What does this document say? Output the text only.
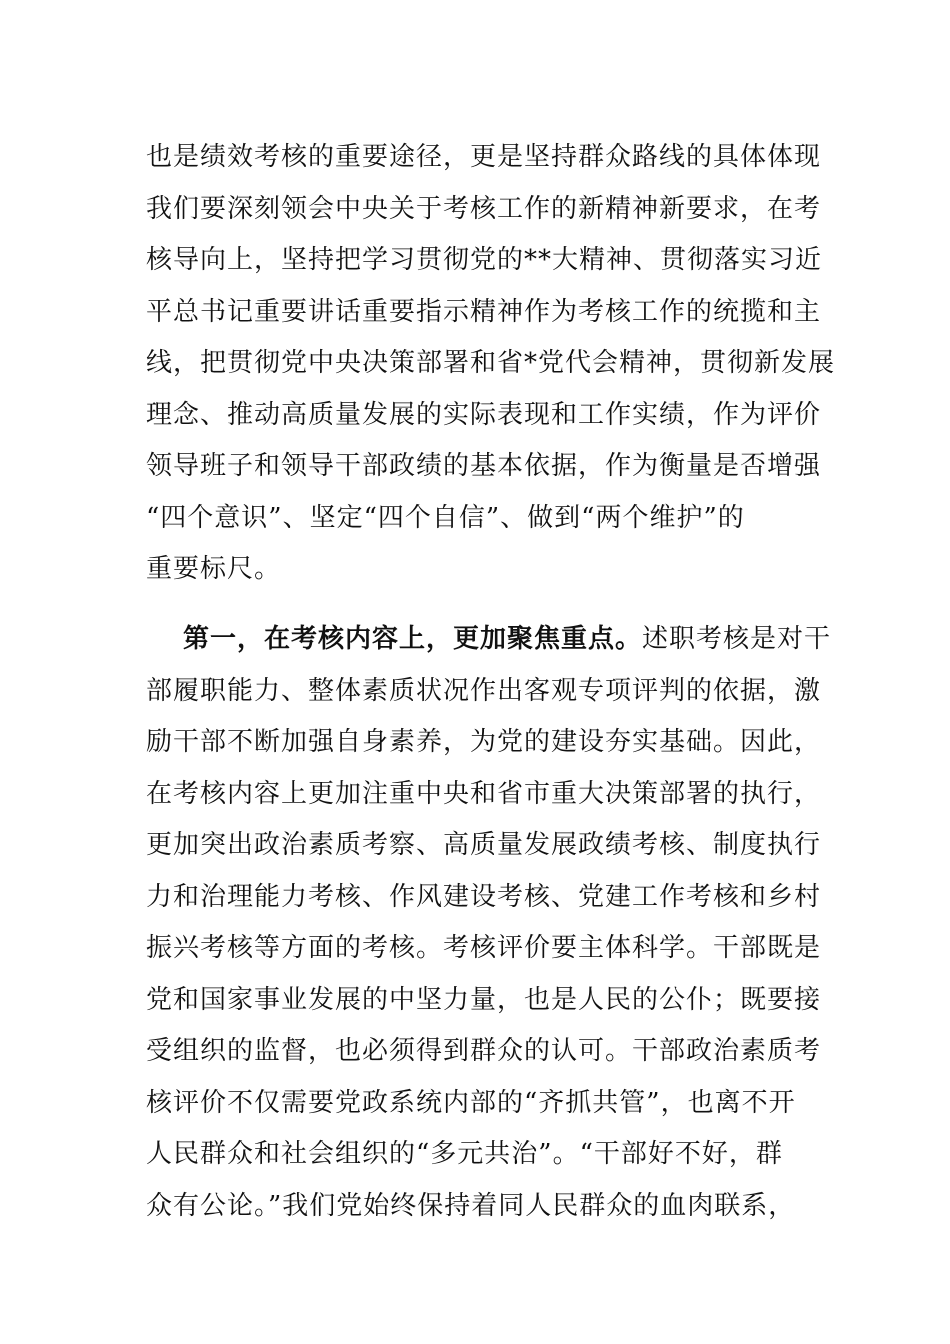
也是绩效考核的重要途径，更是坚持群众路线的具体体现
我们要深刻领会中央关于考核工作的新精神新要求，在考
核导向上，坚持把学习贯彻党的**大精神、贯彻落实习近
平总书记重要讲话重要指示精神作为考核工作的统揽和主
线，把贯彻党中央决策部署和省*党代会精神，贯彻新发展
理念、推动高质量发展的实际表现和工作实绩，作为评价
领导班子和领导干部政绩的基本依据，作为衡量是否增强
“四个意识”、坚定“四个自信”、做到“两个维护”的
重要标尺。
第一，在考核内容上，更加聚焦重点。述职考核是对干
部履职能力、整体素质状况作出客观专项评判的依据，激
励干部不断加强自身素养，为党的建设夯实基础。因此，
在考核内容上更加注重中央和省市重大决策部署的执行，
更加突出政治素质考察、高质量发展政绩考核、制度执行
力和治理能力考核、作风建设考核、党建工作考核和乡村
振兴考核等方面的考核。考核评价要主体科学。干部既是
党和国家事业发展的中坚力量，也是人民的公仆；既要接
受组织的监督，也必须得到群众的认可。干部政治素质考
核评价不仅需要党政系统内部的“齐抓共管”，也离不开
人民群众和社会组织的“多元共治”。“干部好不好，群
众有公论。”我们党始终保持着同人民群众的血肉联系，
